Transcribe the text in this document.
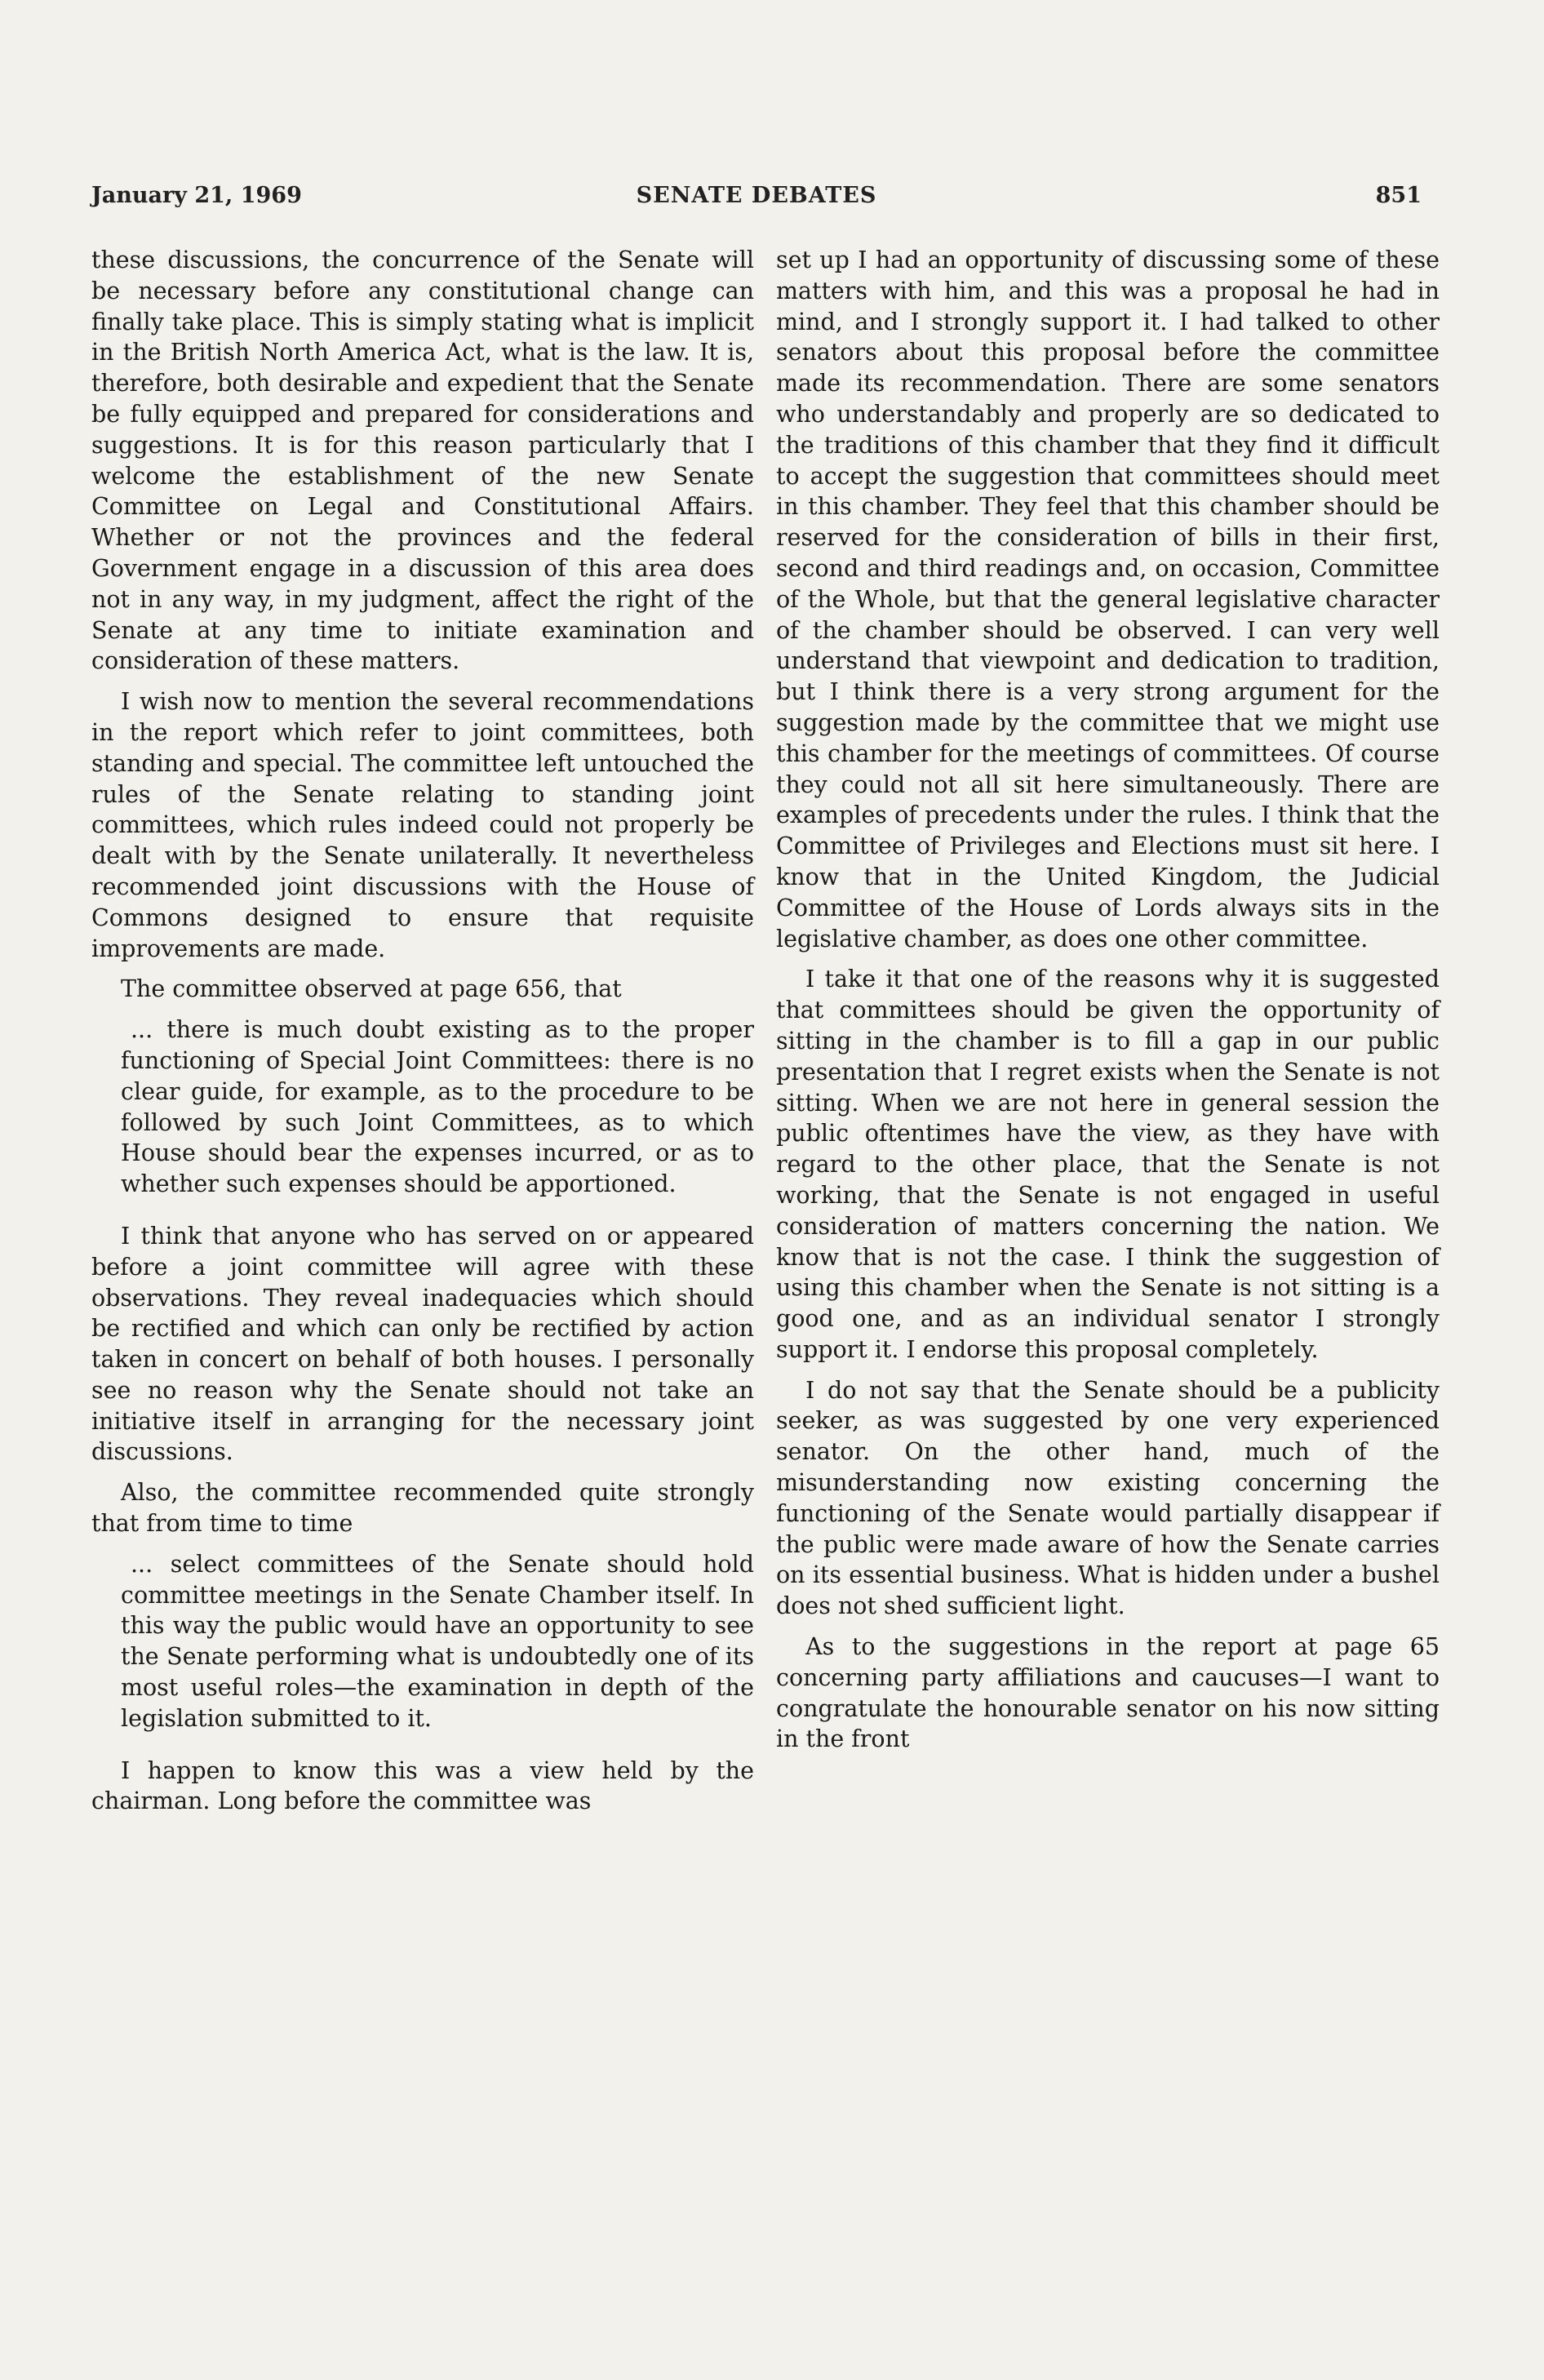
January 21, 1969	SENATE DEBATES	851

these discussions, the concurrence of the Senate will be necessary before any constitutional change can finally take place. This is simply stating what is implicit in the British North America Act, what is the law. It is, therefore, both desirable and expedient that the Senate be fully equipped and prepared for considerations and suggestions. It is for this reason particularly that I welcome the establishment of the new Senate Committee on Legal and Constitutional Affairs. Whether or not the provinces and the federal Government engage in a discussion of this area does not in any way, in my judgment, affect the right of the Senate at any time to initiate examination and consideration of these matters.

I wish now to mention the several recommendations in the report which refer to joint committees, both standing and special. The committee left untouched the rules of the Senate relating to standing joint committees, which rules indeed could not properly be dealt with by the Senate unilaterally. It nevertheless recommended joint discussions with the House of Commons designed to ensure that requisite improvements are made.

The committee observed at page 656, that

... there is much doubt existing as to the proper functioning of Special Joint Committees: there is no clear guide, for example, as to the procedure to be followed by such Joint Committees, as to which House should bear the expenses incurred, or as to whether such expenses should be apportioned.

I think that anyone who has served on or appeared before a joint committee will agree with these observations. They reveal inadequacies which should be rectified and which can only be rectified by action taken in concert on behalf of both houses. I personally see no reason why the Senate should not take an initiative itself in arranging for the necessary joint discussions.

Also, the committee recommended quite strongly that from time to time

... select committees of the Senate should hold committee meetings in the Senate Chamber itself. In this way the public would have an opportunity to see the Senate performing what is undoubtedly one of its most useful roles—the examination in depth of the legislation submitted to it.

I happen to know this was a view held by the chairman. Long before the committee was

set up I had an opportunity of discussing some of these matters with him, and this was a proposal he had in mind, and I strongly support it. I had talked to other senators about this proposal before the committee made its recommendation. There are some senators who understandably and properly are so dedicated to the traditions of this chamber that they find it difficult to accept the suggestion that committees should meet in this chamber. They feel that this chamber should be reserved for the consideration of bills in their first, second and third readings and, on occasion, Committee of the Whole, but that the general legislative character of the chamber should be observed. I can very well understand that viewpoint and dedication to tradition, but I think there is a very strong argument for the suggestion made by the committee that we might use this chamber for the meetings of committees. Of course they could not all sit here simultaneously. There are examples of precedents under the rules. I think that the Committee of Privileges and Elections must sit here. I know that in the United Kingdom, the Judicial Committee of the House of Lords always sits in the legislative chamber, as does one other committee.

I take it that one of the reasons why it is suggested that committees should be given the opportunity of sitting in the chamber is to fill a gap in our public presentation that I regret exists when the Senate is not sitting. When we are not here in general session the public oftentimes have the view, as they have with regard to the other place, that the Senate is not working, that the Senate is not engaged in useful consideration of matters concerning the nation. We know that is not the case. I think the suggestion of using this chamber when the Senate is not sitting is a good one, and as an individual senator I strongly support it. I endorse this proposal completely.

I do not say that the Senate should be a publicity seeker, as was suggested by one very experienced senator. On the other hand, much of the misunderstanding now existing concerning the functioning of the Senate would partially disappear if the public were made aware of how the Senate carries on its essential business. What is hidden under a bushel does not shed sufficient light.

As to the suggestions in the report at page 65 concerning party affiliations and caucuses—I want to congratulate the honourable senator on his now sitting in the front
